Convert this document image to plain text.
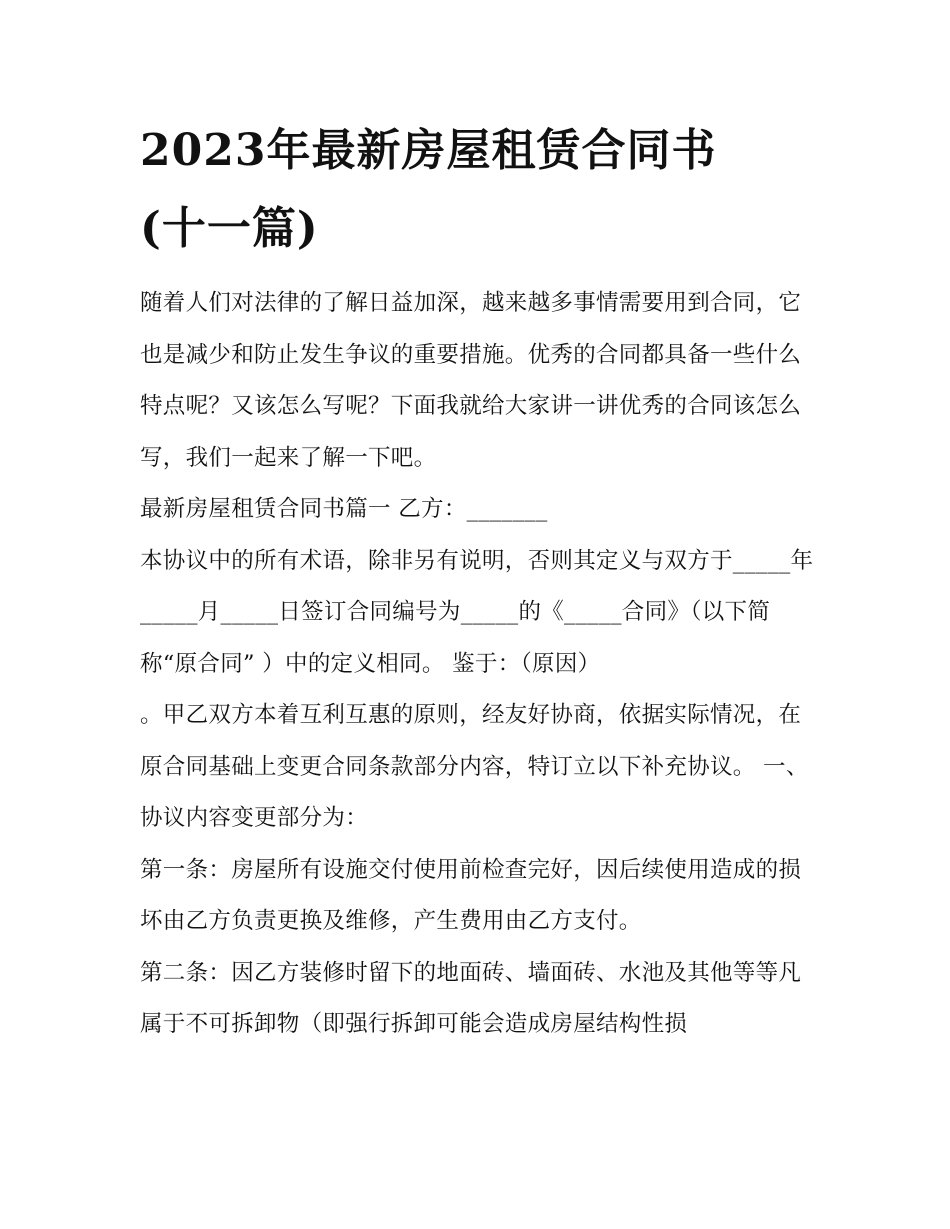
2023年最新房屋租赁合同书
(十一篇)

随着人们对法律的了解日益加深，越来越多事情需要用到合同，它也是减少和防止发生争议的重要措施。优秀的合同都具备一些什么特点呢？又该怎么写呢？下面我就给大家讲一讲优秀的合同该怎么写，我们一起来了解一下吧。

最新房屋租赁合同书篇一 乙方：_______

本协议中的所有术语，除非另有说明，否则其定义与双方于_____年_____月_____日签订合同编号为_____的《_____合同》（以下简称“原合同” ）中的定义相同。 鉴于：（原因）

。甲乙双方本着互利互惠的原则，经友好协商，依据实际情况，在原合同基础上变更合同条款部分内容，特订立以下补充协议。 一、协议内容变更部分为：

第一条：房屋所有设施交付使用前检查完好，因后续使用造成的损坏由乙方负责更换及维修，产生费用由乙方支付。

第二条：因乙方装修时留下的地面砖、墙面砖、水池及其他等等凡属于不可拆卸物（即强行拆卸可能会造成房屋结构性损
